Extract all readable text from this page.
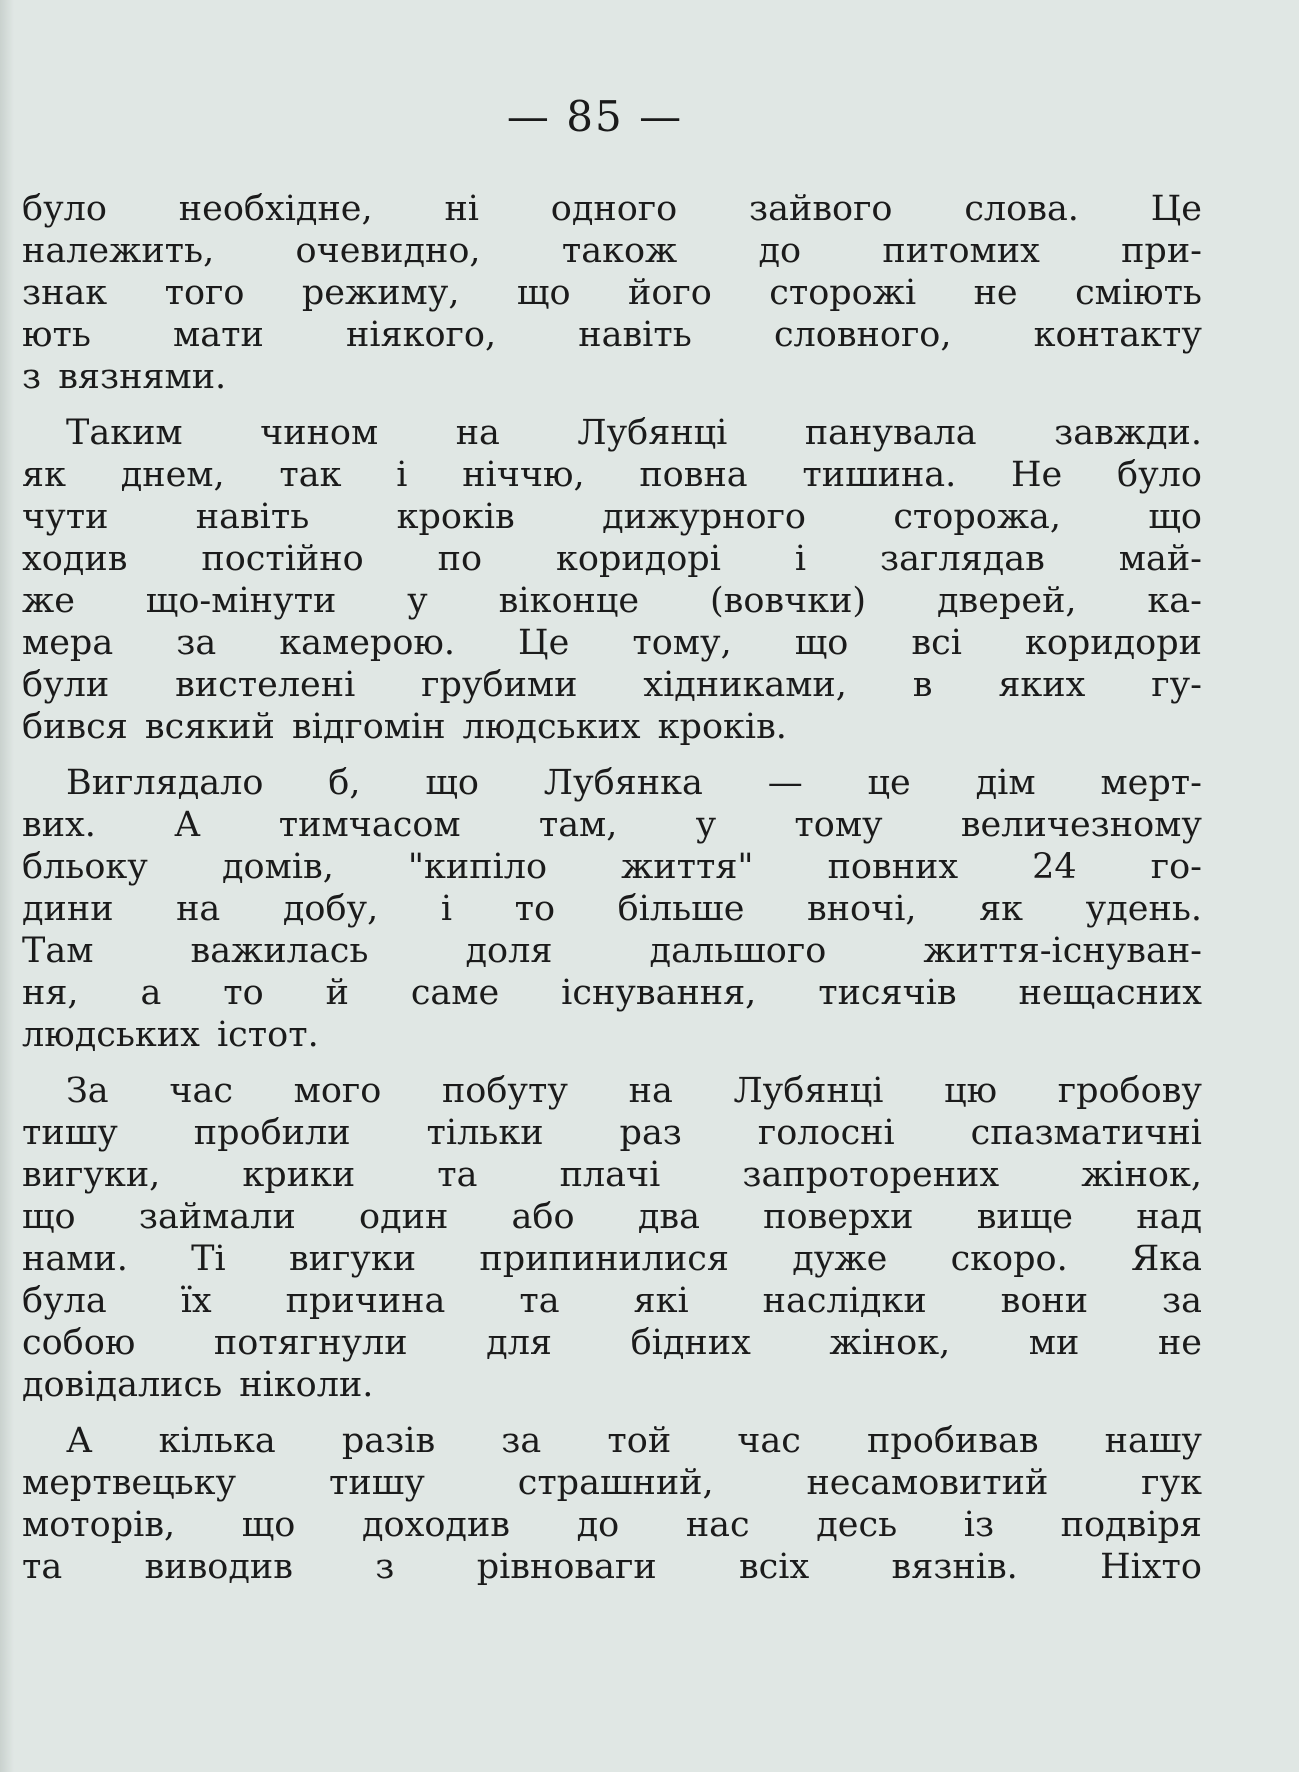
— 85 —
було необхідне, ні одного зайвого слова. Це
належить, очевидно, також до питомих при-
знак того режиму, що його сторожі не сміють
ють мати ніякого, навіть словного, контакту
з вязнями.
Таким чином на Лубянці панувала завжди.
як днем, так і ніччю, повна тишина. Не було
чути навіть кроків дижурного сторожа, що
ходив постійно по коридорі і заглядав май-
же що-мінути у віконце (вовчки) дверей, ка-
мера за камерою. Це тому, що всі коридори
були вистелені грубими хідниками, в яких гу-
бився всякий відгомін людських кроків.
Виглядало б, що Лубянка — це дім мерт-
вих. А тимчасом там, у тому величезному
бльоку домів, "кипіло життя" повних 24 го-
дини на добу, і то більше вночі, як удень.
Там важилась доля дальшого життя-існуван-
ня, а то й саме існування, тисячів нещасних
людських істот.
За час мого побуту на Лубянці цю гробову
тишу пробили тільки раз голосні спазматичні
вигуки, крики та плачі запроторених жінок,
що займали один або два поверхи вище над
нами. Ті вигуки припинилися дуже скоро. Яка
була їх причина та які наслідки вони за
собою потягнули для бідних жінок, ми не
довідались ніколи.
А кілька разів за той час пробивав нашу
мертвецьку тишу страшний, несамовитий гук
моторів, що доходив до нас десь із подвіря
та виводив з рівноваги всіх вязнів. Ніхто
